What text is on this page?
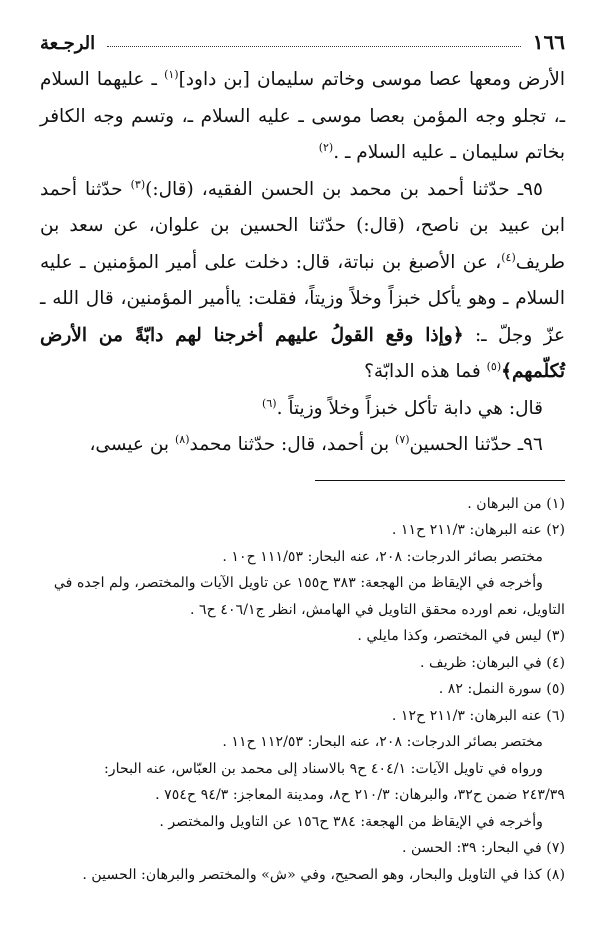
١٦٦
الرجـعة

الأرض ومعها عصا موسى وخاتم سليمان [بن داود]$^{(١)}$ ـ عليهما السلام ـ، تجلو وجه المؤمن بعصا موسى ـ عليه السلام ـ، وتسم وجه الكافر بخاتم سليمان ـ عليه السلام ـ .$^{(٢)}$

٩٥ـ حدّثنا أحمد بن محمد بن الحسن الفقيه، (قال:)$^{(٣)}$ حدّثنا أحمد ابن عبيد بن ناصح، (قال:) حدّثنا الحسين بن علوان، عن سعد بن طريف$^{(٤)}$، عن الأصبغ بن نباتة، قال: دخلت على أمير المؤمنين ـ عليه السلام ـ وهو يأكل خبزاً وخلاً وزيتاً، فقلت: ياأمير المؤمنين، قال الله ـ عزّ وجلّ ـ: ﴿وإذا وقع القولُ عليهم أخرجنا لهم دابّةً من الأرض تُكلّمهم﴾$^{(٥)}$ فما هذه الدابّة؟

قال: هي دابة تأكل خبزاً وخلاً وزيتاً .$^{(٦)}$

٩٦ـ حدّثنا الحسين$^{(٧)}$ بن أحمد، قال: حدّثنا محمد$^{(٨)}$ بن عيسى،

(١) من البرهان .

(٢) عنه البرهان: ٢١١/٣ ح١١ .

مختصر بصائر الدرجات: ٢٠٨، عنه البحار: ١١١/٥٣ ح١٠ .

وأخرجه في الإيقاظ من الهجعة: ٣٨٣ ح١٥٥ عن تاويل الآيات والمختصر، ولم اجده في

التاويل، نعم اورده محقق التاويل في الهامش، انظر ج٤٠٦/١ ح٦ .

(٣) ليس في المختصر، وكذا مايلي .

(٤) في البرهان: ظريف .

(٥) سورة النمل: ٨٢ .

(٦) عنه البرهان: ٢١١/٣ ح١٢ .

مختصر بصائر الدرجات: ٢٠٨، عنه البحار: ١١٢/٥٣ ح١١ .

ورواه في تاويل الآيات: ٤٠٤/١ ح٩ بالاسناد إلى محمد بن العبّاس، عنه البحار:

٢٤٣/٣٩ ضمن ح٣٢، والبرهان: ٢١٠/٣ ح٨، ومدينة المعاجز: ٩٤/٣ ح٧٥٤ .

وأخرجه في الإيقاظ من الهجعة: ٣٨٤ ح١٥٦ عن التاويل والمختصر .

(٧) في البحار: ٣٩: الحسن .

(٨) كذا في التاويل والبحار، وهو الصحيح، وفي «ش» والمختصر والبرهان: الحسين .
